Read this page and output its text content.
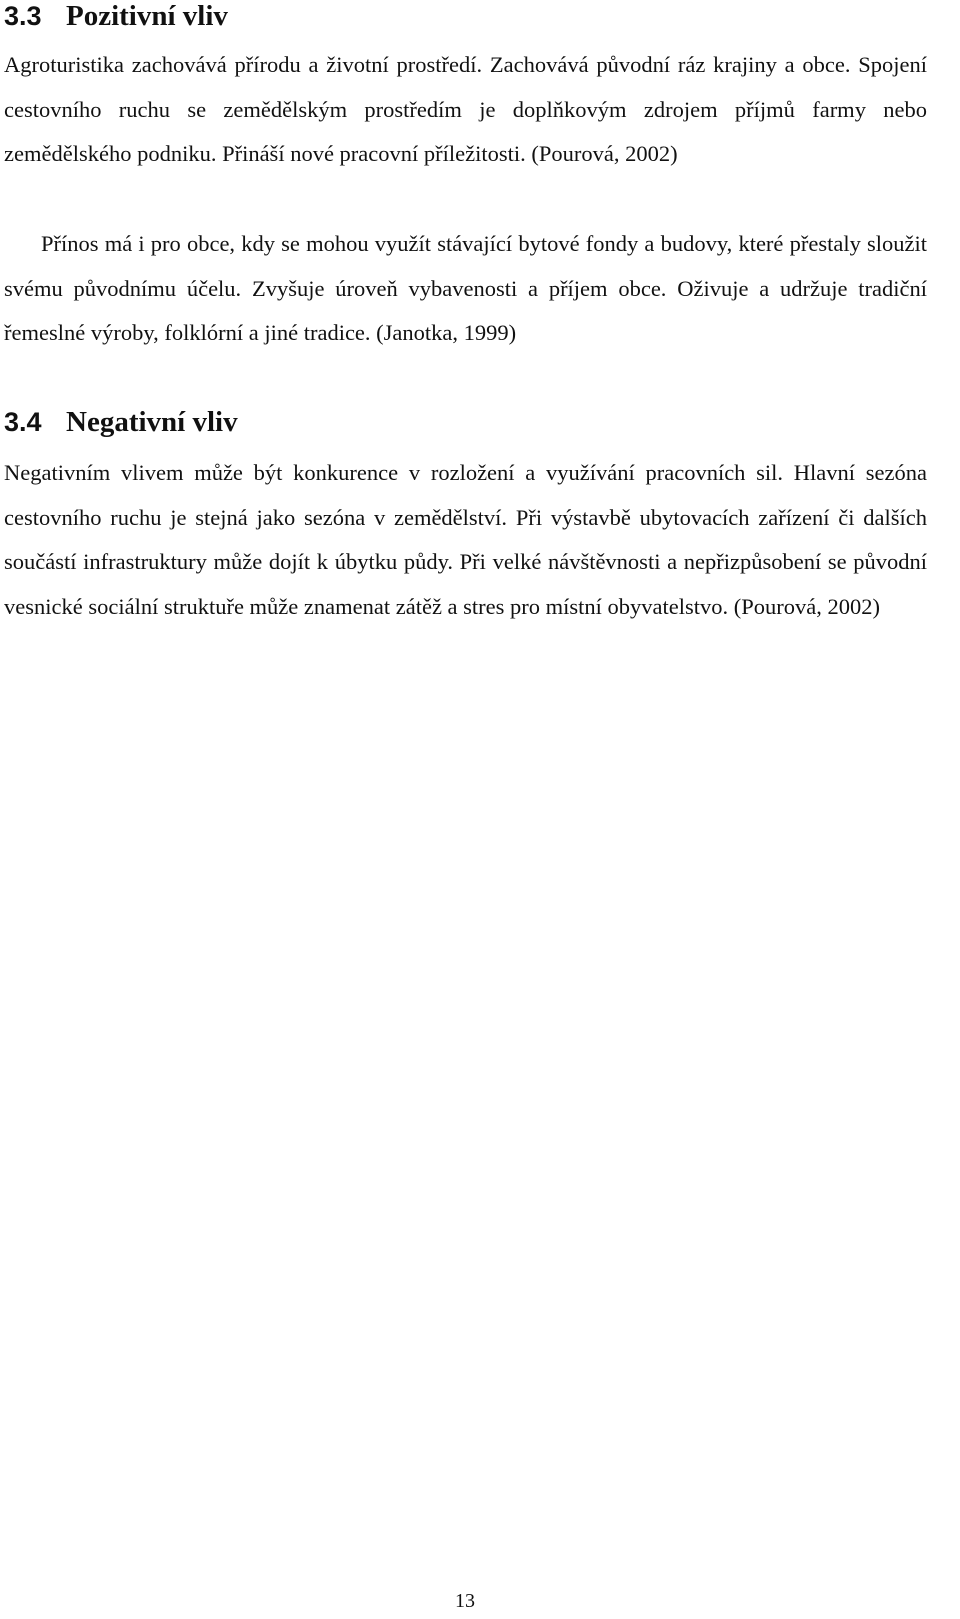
3.3 Pozitivní vliv

Agroturistika zachovává přírodu a životní prostředí. Zachovává původní ráz krajiny a obce. Spojení cestovního ruchu se zemědělským prostředím je doplňkovým zdrojem příjmů farmy nebo zemědělského podniku. Přináší nové pracovní příležitosti. (Pourová, 2002)

Přínos má i pro obce, kdy se mohou využít stávající bytové fondy a budovy, které přestaly sloužit svému původnímu účelu. Zvyšuje úroveň vybavenosti a příjem obce. Oživuje a udržuje tradiční řemeslné výroby, folklórní a jiné tradice. (Janotka, 1999)

3.4 Negativní vliv

Negativním vlivem může být konkurence v rozložení a využívání pracovních sil. Hlavní sezóna cestovního ruchu je stejná jako sezóna v zemědělství. Při výstavbě ubytovacích zařízení či dalších součástí infrastruktury může dojít k úbytku půdy. Při velké návštěvnosti a nepřizpůsobení se původní vesnické sociální struktuře může znamenat zátěž a stres pro místní obyvatelstvo. (Pourová, 2002)

13
